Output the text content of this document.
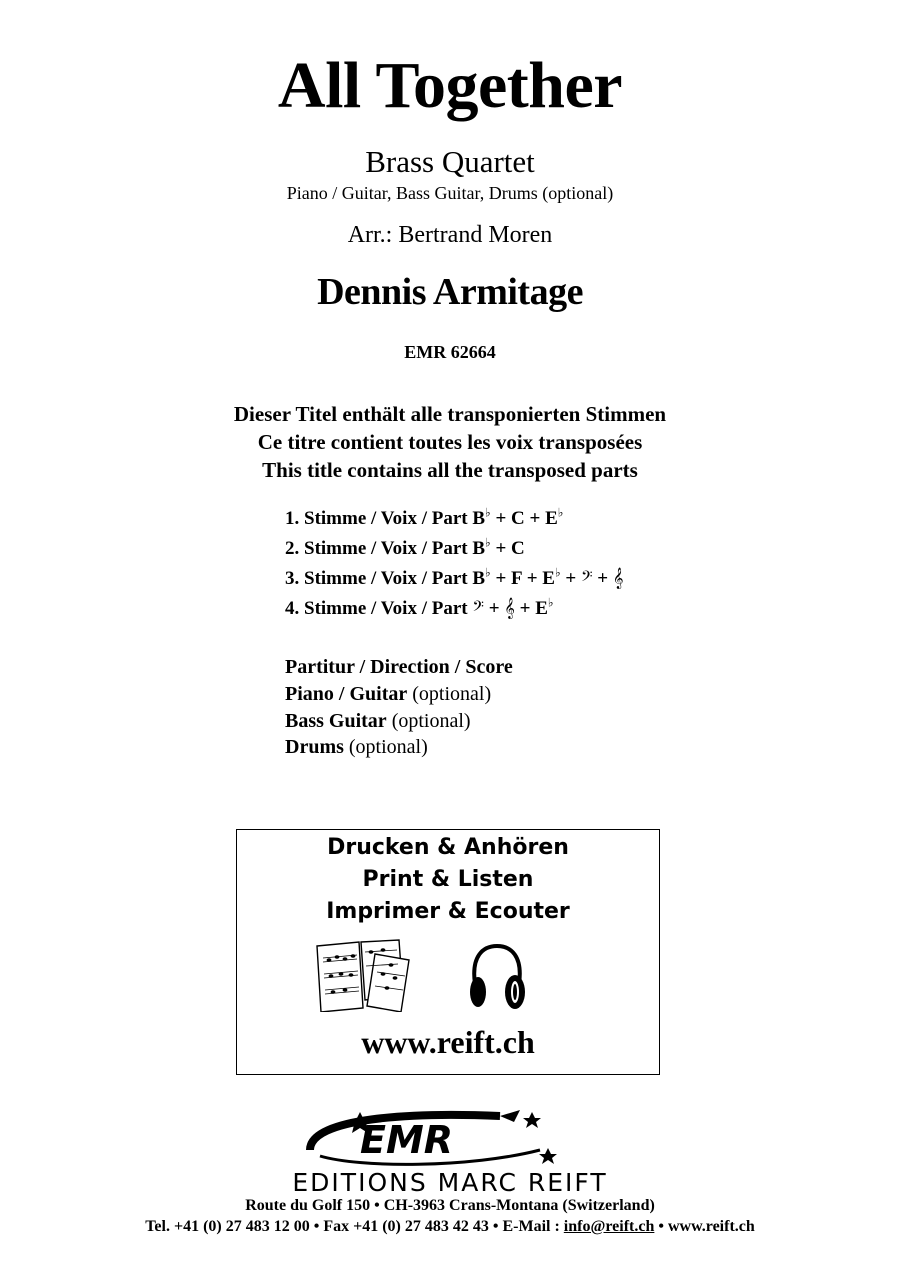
All Together
Brass Quartet
Piano / Guitar, Bass Guitar, Drums (optional)
Arr.: Bertrand Moren
Dennis Armitage
EMR 62664
Dieser Titel enthält alle transponierten Stimmen
Ce titre contient toutes les voix transposées
This title contains all the transposed parts
1. Stimme / Voix / Part B♭ + C + E♭
2. Stimme / Voix / Part B♭ + C
3. Stimme / Voix / Part B♭ + F + E♭ + 𝄢 + 𝄞
4. Stimme / Voix / Part 𝄢 + 𝄞 + E♭
Partitur / Direction / Score
Piano / Guitar (optional)
Bass Guitar (optional)
Drums (optional)
Drucken & Anhören
Print & Listen
Imprimer & Ecouter
www.reift.ch
EMR
EDITIONS MARC REIFT
Route du Golf 150 • CH-3963 Crans-Montana (Switzerland)
Tel. +41 (0) 27 483 12 00 • Fax +41 (0) 27 483 42 43 • E-Mail : info@reift.ch • www.reift.ch
